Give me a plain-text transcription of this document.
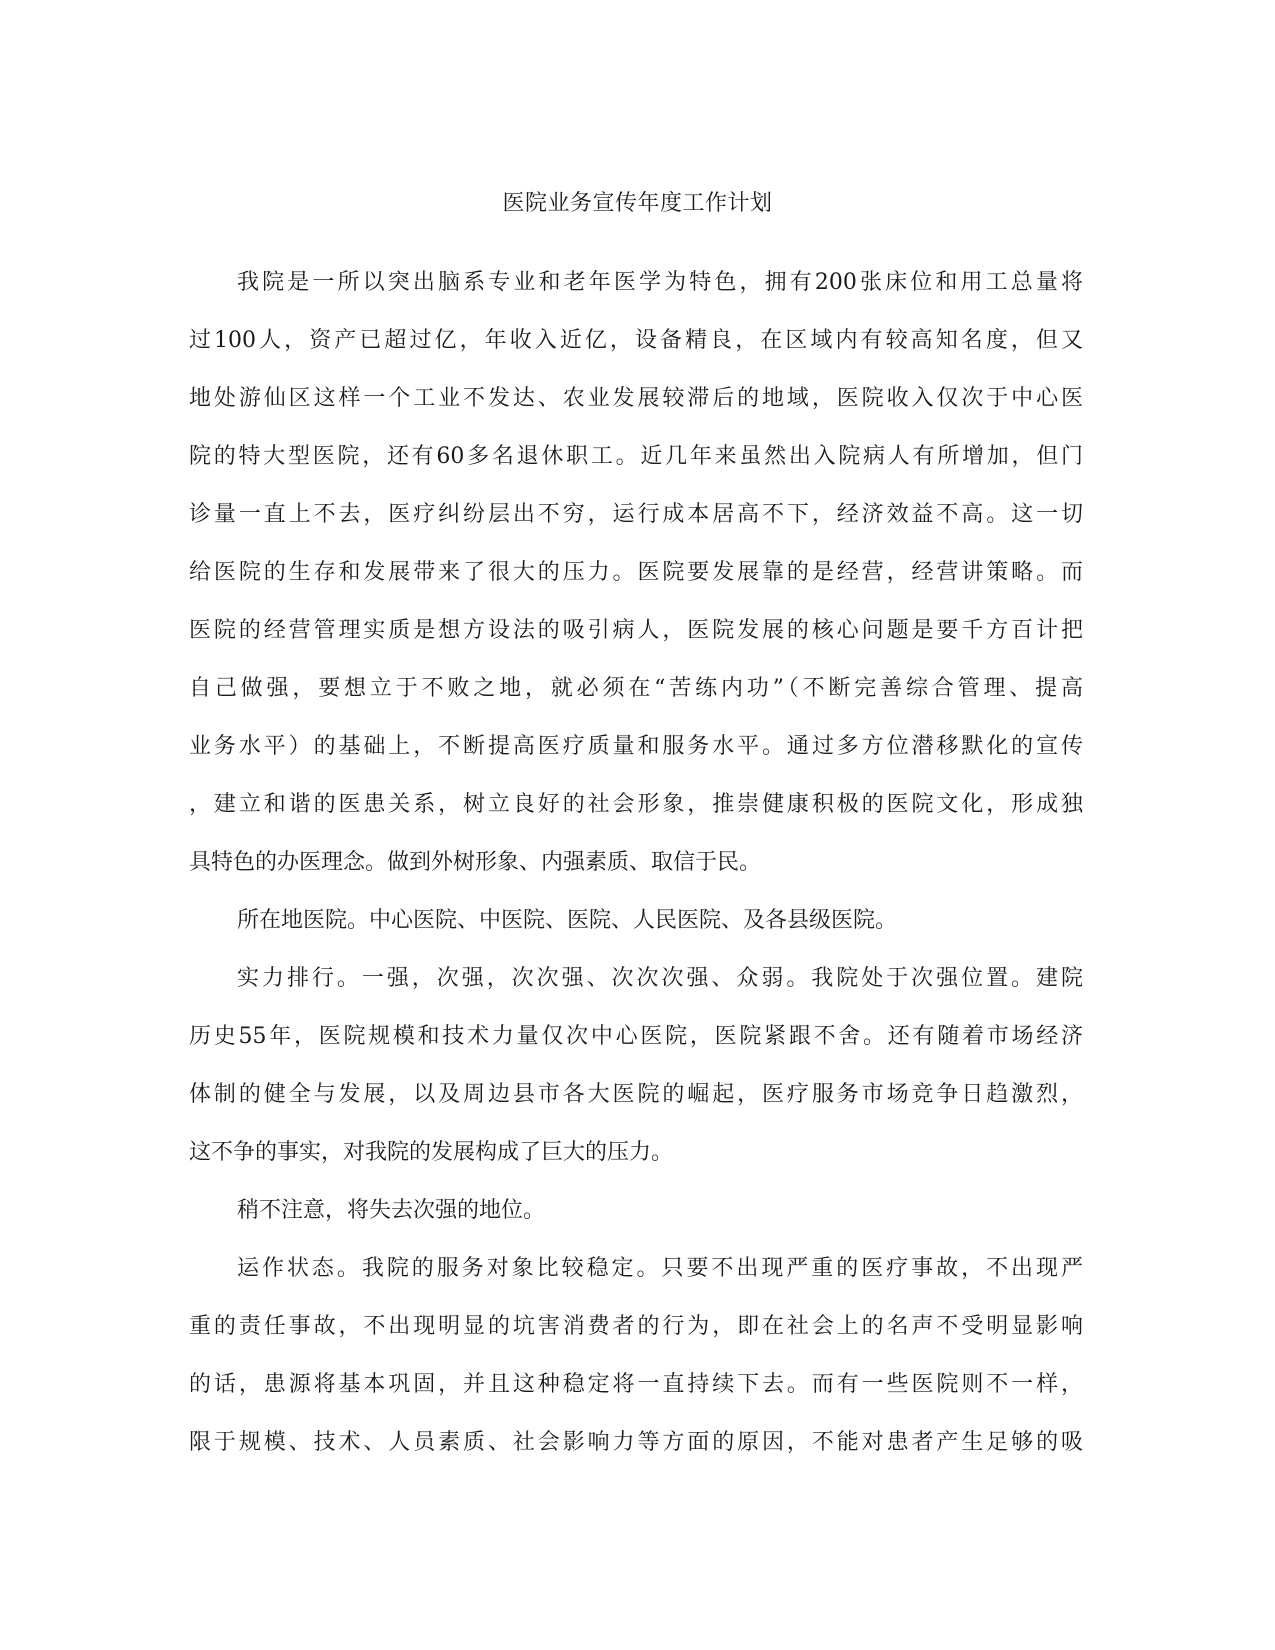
医院业务宣传年度工作计划
我院是一所以突出脑系专业和老年医学为特色，拥有200张床位和用工总量将
过100人，资产已超过亿，年收入近亿，设备精良，在区域内有较高知名度，但又
地处游仙区这样一个工业不发达、农业发展较滞后的地域，医院收入仅次于中心医
院的特大型医院，还有60多名退休职工。近几年来虽然出入院病人有所增加，但门
诊量一直上不去，医疗纠纷层出不穷，运行成本居高不下，经济效益不高。这一切
给医院的生存和发展带来了很大的压力。医院要发展靠的是经营，经营讲策略。而
医院的经营管理实质是想方设法的吸引病人，医院发展的核心问题是要千方百计把
自己做强，要想立于不败之地，就必须在“苦练内功”（不断完善综合管理、提高
业务水平）的基础上，不断提高医疗质量和服务水平。通过多方位潜移默化的宣传
，建立和谐的医患关系，树立良好的社会形象，推崇健康积极的医院文化，形成独
具特色的办医理念。做到外树形象、内强素质、取信于民。
所在地医院。中心医院、中医院、医院、人民医院、及各县级医院。
实力排行。一强，次强，次次强、次次次强、众弱。我院处于次强位置。建院
历史55年，医院规模和技术力量仅次中心医院，医院紧跟不舍。还有随着市场经济
体制的健全与发展，以及周边县市各大医院的崛起，医疗服务市场竞争日趋激烈，
这不争的事实，对我院的发展构成了巨大的压力。
稍不注意，将失去次强的地位。
运作状态。我院的服务对象比较稳定。只要不出现严重的医疗事故，不出现严
重的责任事故，不出现明显的坑害消费者的行为，即在社会上的名声不受明显影响
的话，患源将基本巩固，并且这种稳定将一直持续下去。而有一些医院则不一样，
限于规模、技术、人员素质、社会影响力等方面的原因，不能对患者产生足够的吸
